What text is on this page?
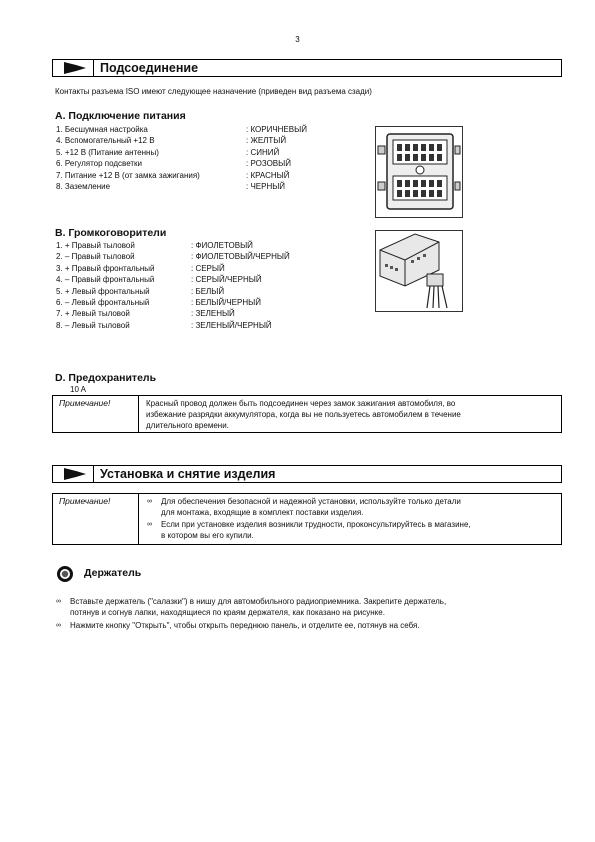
3
Подсоединение
Контакты разъема ISO имеют следующее назначение (приведен вид разъема сзади)
A. Подключение питания
1. Бесшумная настройка	: КОРИЧНЕВЫЙ
4. Вспомогательный +12 В	: ЖЕЛТЫЙ
5. +12 В (Питание антенны)	: СИНИЙ
6. Регулятор подсветки	: РОЗОВЫЙ
7. Питание +12 В (от замка зажигания)	: КРАСНЫЙ
8. Заземление	: ЧЕРНЫЙ
B. Громкоговорители
1. + Правый тыловой	: ФИОЛЕТОВЫЙ
2. – Правый тыловой	: ФИОЛЕТОВЫЙ/ЧЕРНЫЙ
3. + Правый фронтальный	: СЕРЫЙ
4. – Правый фронтальный	: СЕРЫЙ/ЧЕРНЫЙ
5. + Левый фронтальный	: БЕЛЫЙ
6. – Левый фронтальный	: БЕЛЫЙ/ЧЕРНЫЙ
7. + Левый тыловой	: ЗЕЛЕНЫЙ
8. – Левый тыловой	: ЗЕЛЕНЫЙ/ЧЕРНЫЙ
D. Предохранитель
10 A
Примечание!	Красный провод должен быть подсоединен через замок зажигания автомобиля, во
избежание разрядки аккумулятора, когда вы не пользуетесь автомобилем в течение
длительного времени.
Установка и снятие изделия
Примечание!	∞ Для обеспечения безопасной и надежной установки, используйте только детали
для монтажа, входящие в комплект поставки изделия.
∞ Если при установке изделия возникли трудности, проконсультируйтесь в магазине,
в котором вы его купили.
Держатель
∞ Вставьте держатель ("салазки") в нишу для автомобильного радиоприемника. Закрепите держатель,
потянув и согнув лапки, находящиеся по краям держателя, как показано на рисунке.
∞ Нажмите кнопку "Открыть", чтобы открыть переднюю панель, и отделите ее, потянув на себя.
